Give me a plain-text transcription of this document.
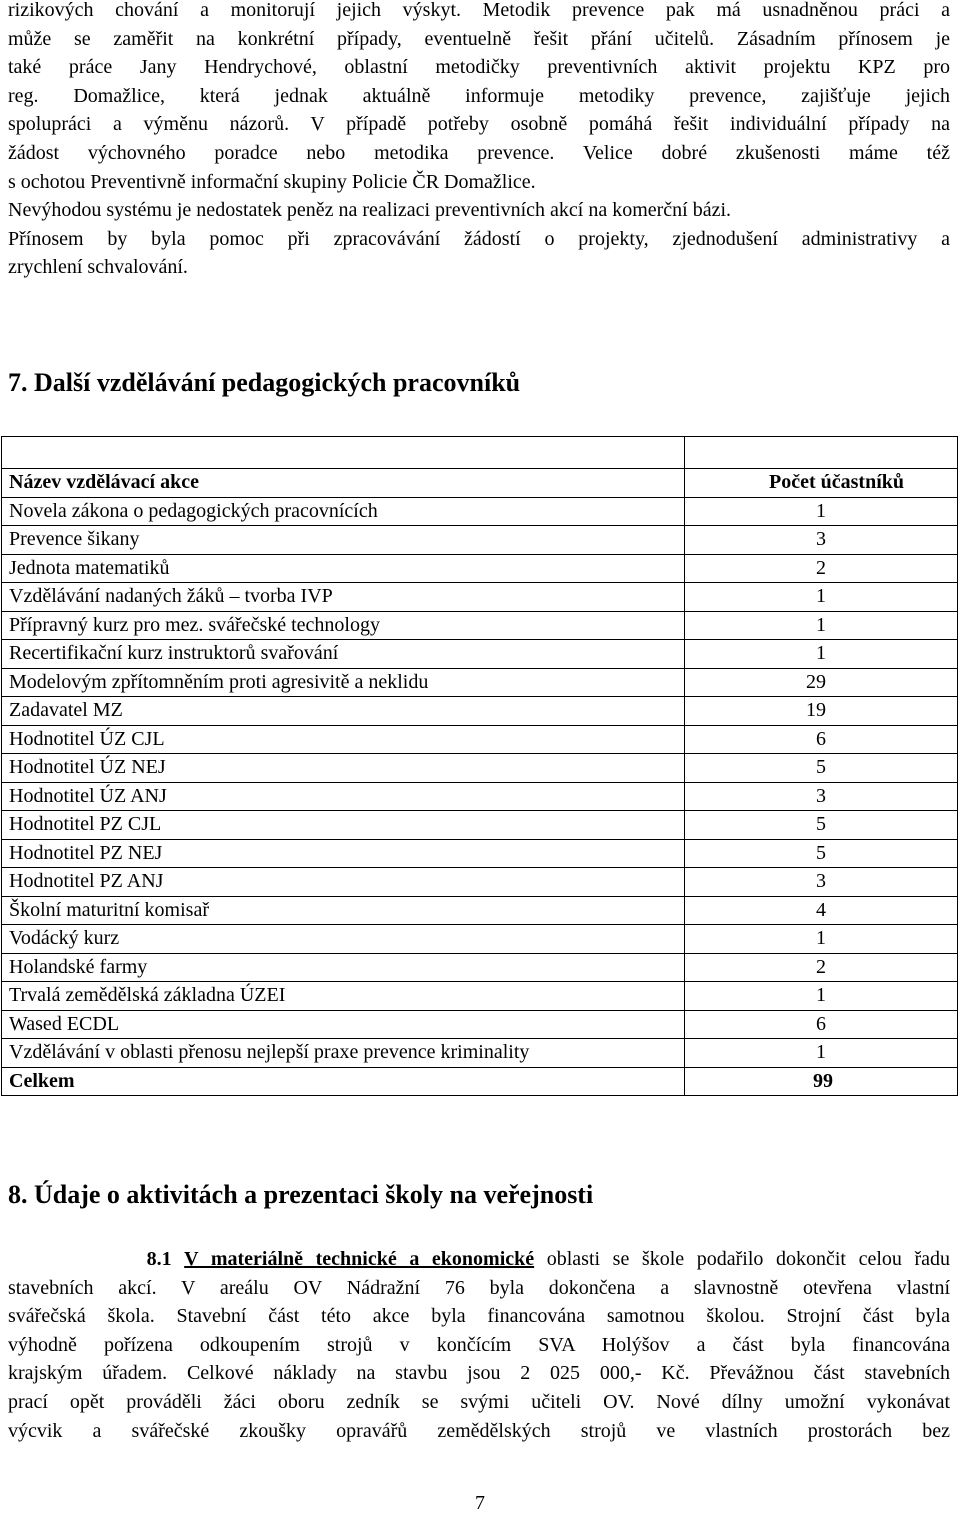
rizikových chování a monitorují jejich výskyt. Metodik prevence pak má usnadněnou práci a
může se zaměřit na konkrétní případy, eventuelně řešit přání učitelů. Zásadním přínosem je
také práce Jany Hendrychové, oblastní metodičky preventivních aktivit projektu KPZ pro
reg. Domažlice, která jednak aktuálně informuje metodiky prevence, zajišťuje jejich
spolupráci a výměnu názorů. V případě potřeby osobně pomáhá řešit individuální případy na
žádost výchovného poradce nebo metodika prevence. Velice dobré zkušenosti máme též
s ochotou Preventivně informační skupiny Policie ČR Domažlice.
Nevýhodou systému je nedostatek peněz na realizaci preventivních akcí na komerční bázi.
Přínosem by byla pomoc při zpracovávání žádostí o projekty, zjednodušení administrativy a
zrychlení schvalování.
7. Další vzdělávání pedagogických pracovníků

Název vzdělávací akce	Počet účastníků
Novela zákona o pedagogických pracovnících	1
Prevence šikany	3
Jednota matematiků	2
Vzdělávání nadaných žáků – tvorba IVP	1
Přípravný kurz pro mez. svářečské technology	1
Recertifikační kurz instruktorů svařování	1
Modelovým zpřítomněním proti agresivitě a neklidu	29
Zadavatel MZ	19
Hodnotitel ÚZ CJL	6
Hodnotitel ÚZ NEJ	5
Hodnotitel ÚZ ANJ	3
Hodnotitel PZ CJL	5
Hodnotitel PZ NEJ	5
Hodnotitel PZ ANJ	3
Školní maturitní komisař	4
Vodácký kurz	1
Holandské farmy	2
Trvalá zemědělská základna ÚZEI	1
Wased ECDL	6
Vzdělávání v oblasti přenosu nejlepší praxe prevence kriminality	1
Celkem	99
8. Údaje o aktivitách a prezentaci školy na veřejnosti
8.1 V materiálně technické a ekonomické oblasti se škole podařilo dokončit celou řadu
stavebních akcí. V areálu OV Nádražní 76 byla dokončena a slavnostně otevřena vlastní
svářečská škola. Stavební část této akce byla financována samotnou školou. Strojní část byla
výhodně pořízena odkoupením strojů v končícím SVA Holýšov a část byla financována
krajským úřadem. Celkové náklady na stavbu jsou 2 025 000,- Kč. Převážnou část stavebních
prací opět prováděli žáci oboru zedník se svými učiteli OV. Nové dílny umožní vykonávat
výcvik a svářečské zkoušky opravářů zemědělských strojů ve vlastních prostorách bez
7
